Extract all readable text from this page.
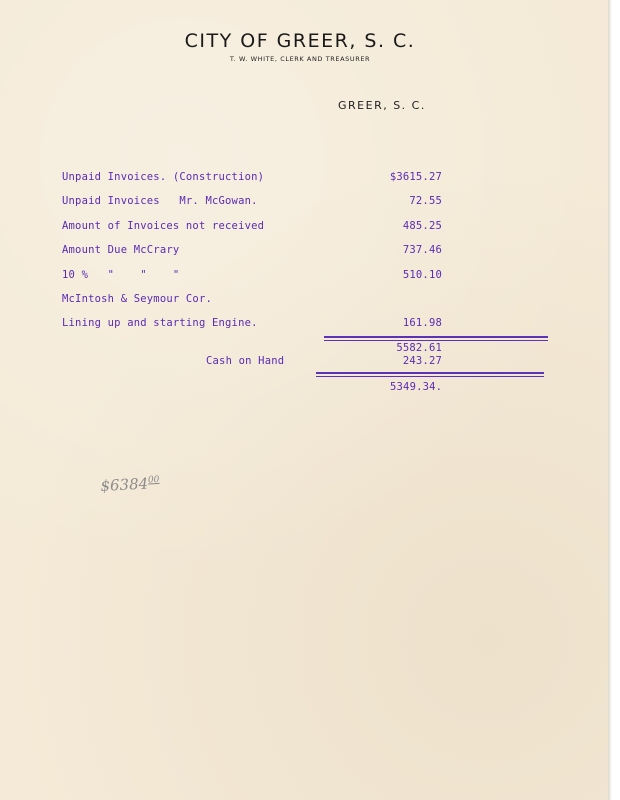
CITY OF GREER, S. C.
T. W. WHITE, CLERK AND TREASURER
GREER, S. C.
Unpaid Invoices. (Construction)	$3615.27
Unpaid Invoices   Mr. McGowan.	72.55
Amount of Invoices not received	485.25
Amount Due McCrary	737.46
10 %   "    "    "	510.10
McIntosh & Seymour Cor.
Lining up and starting Engine.	161.98
5582.61
Cash on Hand	243.27
5349.34.
$6384$^{00}$
